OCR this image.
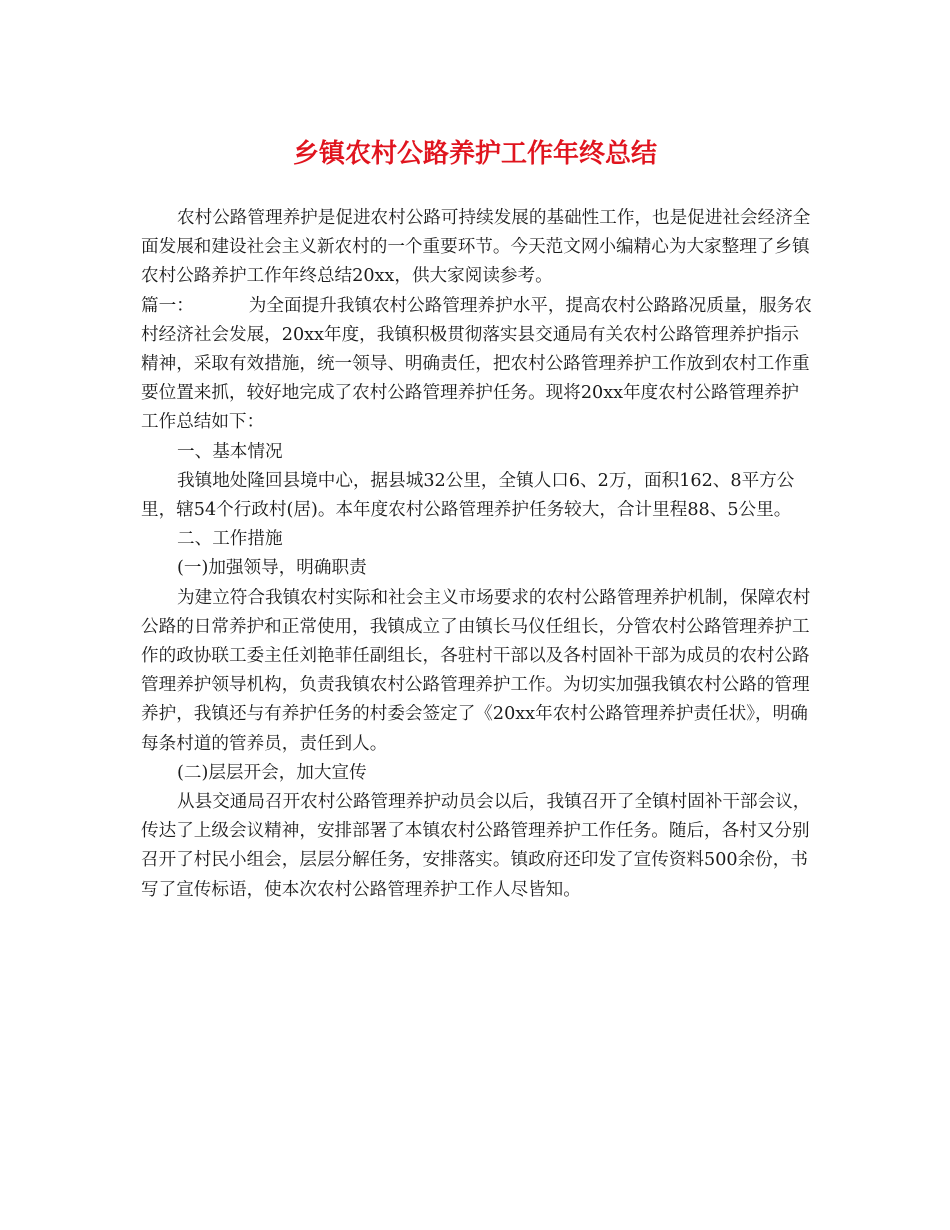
乡镇农村公路养护工作年终总结

农村公路管理养护是促进农村公路可持续发展的基础性工作，也是促进社会经济全面发展和建设社会主义新农村的一个重要环节。今天范文网小编精心为大家整理了乡镇农村公路养护工作年终总结20xx，供大家阅读参考。

篇一：	为全面提升我镇农村公路管理养护水平，提高农村公路路况质量，服务农村经济社会发展，20xx年度，我镇积极贯彻落实县交通局有关农村公路管理养护指示精神，采取有效措施，统一领导、明确责任，把农村公路管理养护工作放到农村工作重要位置来抓，较好地完成了农村公路管理养护任务。现将20xx年度农村公路管理养护工作总结如下：

一、基本情况

我镇地处隆回县境中心，据县城32公里，全镇人口6、2万，面积162、8平方公里，辖54个行政村(居)。本年度农村公路管理养护任务较大，合计里程88、5公里。

二、工作措施

(一)加强领导，明确职责

为建立符合我镇农村实际和社会主义市场要求的农村公路管理养护机制，保障农村公路的日常养护和正常使用，我镇成立了由镇长马仪任组长，分管农村公路管理养护工作的政协联工委主任刘艳菲任副组长，各驻村干部以及各村固补干部为成员的农村公路管理养护领导机构，负责我镇农村公路管理养护工作。为切实加强我镇农村公路的管理养护，我镇还与有养护任务的村委会签定了《20xx年农村公路管理养护责任状》，明确每条村道的管养员，责任到人。

(二)层层开会，加大宣传

从县交通局召开农村公路管理养护动员会以后，我镇召开了全镇村固补干部会议，传达了上级会议精神，安排部署了本镇农村公路管理养护工作任务。随后，各村又分别召开了村民小组会，层层分解任务，安排落实。镇政府还印发了宣传资料500余份，书写了宣传标语，使本次农村公路管理养护工作人尽皆知。
